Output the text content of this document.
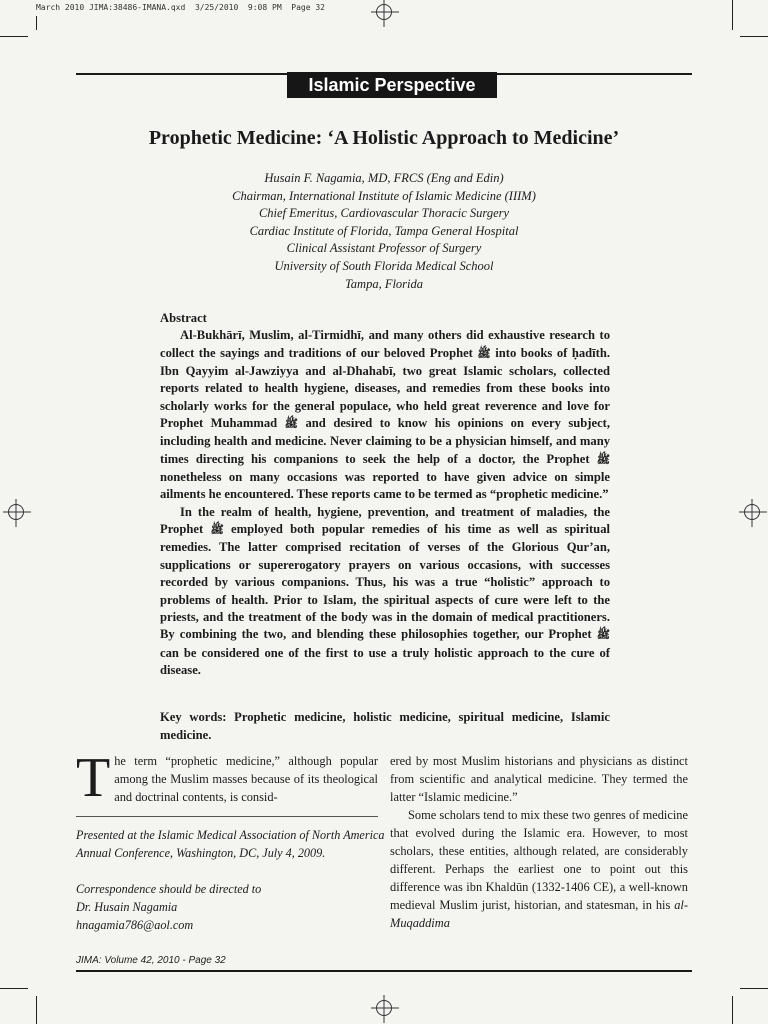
March 2010 JIMA:38486-IMANA.qxd  3/25/2010  9:08 PM  Page 32
Islamic Perspective
Prophetic Medicine: ‘A Holistic Approach to Medicine’
Husain F. Nagamia, MD, FRCS (Eng and Edin)
Chairman, International Institute of Islamic Medicine (IIIM)
Chief Emeritus, Cardiovascular Thoracic Surgery
Cardiac Institute of Florida, Tampa General Hospital
Clinical Assistant Professor of Surgery
University of South Florida Medical School
Tampa, Florida
Abstract

Al-Bukhārī, Muslim, al-Tirmidhī, and many others did exhaustive research to collect the sayings and traditions of our beloved Prophet ﷺ into books of ḥadīth. Ibn Qayyim al-Jawziyya and al-Dhahabī, two great Islamic scholars, collected reports related to health hygiene, diseases, and remedies from these books into scholarly works for the general populace, who held great reverence and love for Prophet Muhammad ﷺ and desired to know his opinions on every subject, including health and medicine. Never claiming to be a physician himself, and many times directing his companions to seek the help of a doctor, the Prophet ﷺ nonetheless on many occasions was reported to have given advice on simple ailments he encountered. These reports came to be termed as “prophetic medicine.”

In the realm of health, hygiene, prevention, and treatment of maladies, the Prophet ﷺ employed both popular remedies of his time as well as spiritual remedies. The latter comprised recitation of verses of the Glorious Qur’an, supplications or supererogatory prayers on various occasions, with successes recorded by various companions. Thus, his was a true “holistic” approach to problems of health. Prior to Islam, the spiritual aspects of cure were left to the priests, and the treatment of the body was in the domain of medical practitioners. By combining the two, and blending these philosophies together, our Prophet ﷺ can be considered one of the first to use a truly holistic approach to the cure of disease.

Key words: Prophetic medicine, holistic medicine, spiritual medicine, Islamic medicine.
The term “prophetic medicine,” although popular among the Muslim masses because of its theological and doctrinal contents, is consid-

Presented at the Islamic Medical Association of North America Annual Conference, Washington, DC, July 4, 2009.

Correspondence should be directed to
Dr. Husain Nagamia
hnagamia786@aol.com

ered by most Muslim historians and physicians as distinct from scientific and analytical medicine. They termed the latter “Islamic medicine.”

Some scholars tend to mix these two genres of medicine that evolved during the Islamic era. However, to most scholars, these entities, although related, are considerably different. Perhaps the earliest one to point out this difference was ibn Khaldūn (1332-1406 CE), a well-known medieval Muslim jurist, historian, and statesman, in his al-Muqaddima

JIMA: Volume 42, 2010 - Page 32
